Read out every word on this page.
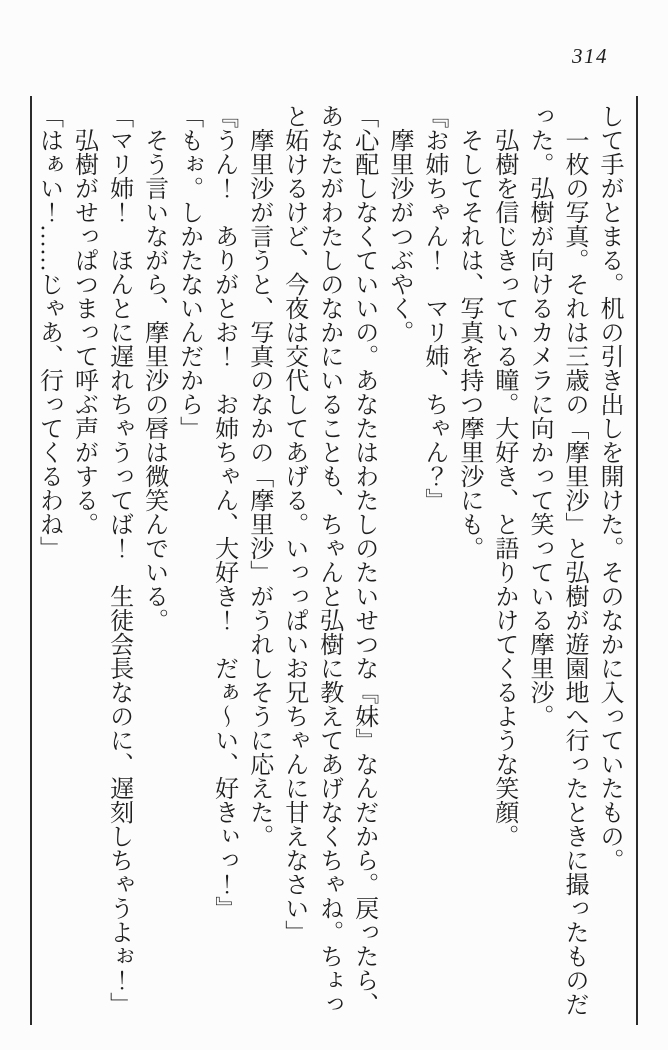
314

して手がとまる。机の引き出しを開けた。そのなかに入っていたもの。

一枚の写真。それは三歳の「摩里沙」と弘樹が遊園地へ行ったときに撮ったものだった。弘樹が向けるカメラに向かって笑っている摩里沙。

弘樹を信じきっている瞳。大好き、と語りかけてくるような笑顔。

そしてそれは、写真を持つ摩里沙にも。

『お姉ちゃん！　マリ姉、ちゃん？』

摩里沙がつぶやく。

「心配しなくていいの。あなたはわたしのたいせつな『妹』なんだから。戻ったら、あなたがわたしのなかにいることも、ちゃんと弘樹に教えてあげなくちゃね。ちょっと妬けるけど、今夜は交代してあげる。いっっぱいお兄ちゃんに甘えなさい」

摩里沙が言うと、写真のなかの「摩里沙」がうれしそうに応えた。

『うん！　ありがとお！　お姉ちゃん、大好き！　だぁ～い、好きぃっ！』

「もぉ。しかたないんだから」

そう言いながら、摩里沙の唇は微笑んでいる。

「マリ姉！　ほんとに遅れちゃうってば！　生徒会長なのに、遅刻しちゃうよぉ！」

弘樹がせっぱつまって呼ぶ声がする。

「はぁい！……じゃあ、行ってくるわね」
